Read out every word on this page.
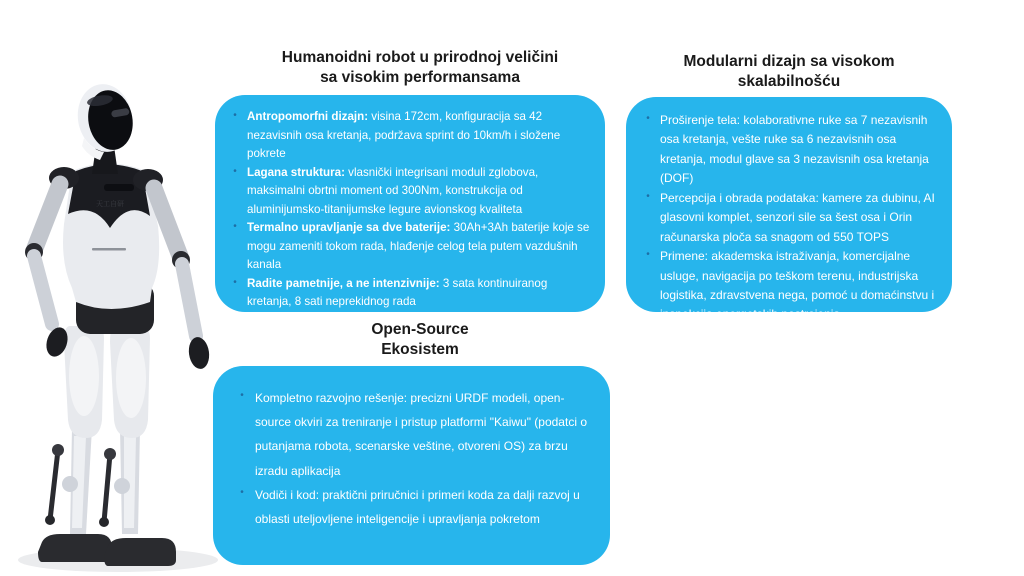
天工自研
Humanoidni robot u prirodnoj veličini
sa visokim performansama
• Antropomorfni dizajn: visina 172cm, konfiguracija sa 42 nezavisnih osa kretanja, podržava sprint do 10km/h i složene pokrete
• Lagana struktura: vlasnički integrisani moduli zglobova, maksimalni obrtni moment od 300Nm, konstrukcija od aluminijumsko-titanijumske legure avionskog kvaliteta
• Termalno upravljanje sa dve baterije: 30Ah+3Ah baterije koje se mogu zameniti tokom rada, hlađenje celog tela putem vazdušnih kanala
• Radite pametnije, a ne intenzivnije: 3 sata kontinuiranog kretanja, 8 sati neprekidnog rada
Modularni dizajn sa visokom
skalabilnošću
• Proširenje tela: kolaborativne ruke sa 7 nezavisnih osa kretanja, vešte ruke sa 6 nezavisnih osa kretanja, modul glave sa 3 nezavisnih osa kretanja (DOF)
• Percepcija i obrada podataka: kamere za dubinu, AI glasovni komplet, senzori sile sa šest osa i Orin računarska ploča sa snagom od 550 TOPS
• Primene: akademska istraživanja, komercijalne usluge, navigacija po teškom terenu, industrijska logistika, zdravstvena nega, pomoć u domaćinstvu i inspekcija energetskih postrojenja
Open-Source
Ekosistem
• Kompletno razvojno rešenje: precizni URDF modeli, open-source okviri za treniranje i pristup platformi "Kaiwu" (podatci o putanjama robota, scenarske veštine, otvoreni OS) za brzu izradu aplikacija
• Vodiči i kod: praktični priručnici i primeri koda za dalji razvoj u oblasti uteljovljene inteligencije i upravljanja pokretom
